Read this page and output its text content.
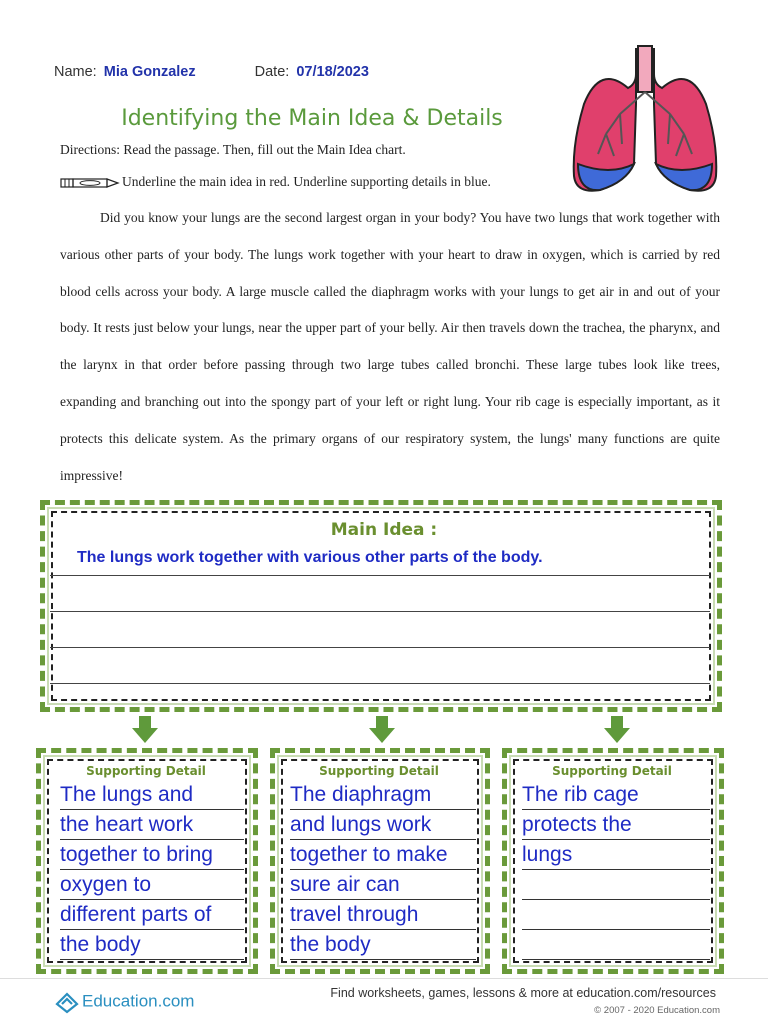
Name: Mia Gonzalez	Date: 07/18/2023
Identifying the Main Idea & Details
Directions: Read the passage. Then, fill out the Main Idea chart.
Underline the main idea in red. Underline supporting details in blue.

Did you know your lungs are the second largest organ in your body? You have two lungs that work together with various other parts of your body. The lungs work together with your heart to draw in oxygen, which is carried by red blood cells across your body. A large muscle called the diaphragm works with your lungs to get air in and out of your body. It rests just below your lungs, near the upper part of your belly. Air then travels down the trachea, the pharynx, and the larynx in that order before passing through two large tubes called bronchi. These large tubes look like trees, expanding and branching out into the spongy part of your left or right lung. Your rib cage is especially important, as it protects this delicate system. As the primary organs of our respiratory system, the lungs' many functions are quite impressive!

Main Idea :
The lungs work together with various other parts of the body.
Supporting Detail
The lungs and
the heart work
together to bring
oxygen to
different parts of
the body
Supporting Detail
The diaphragm
and lungs work
together to make
sure air can
travel through
the body
Supporting Detail
The rib cage
protects the
lungs
Education.com	Find worksheets, games, lessons & more at education.com/resources
© 2007 - 2020 Education.com
